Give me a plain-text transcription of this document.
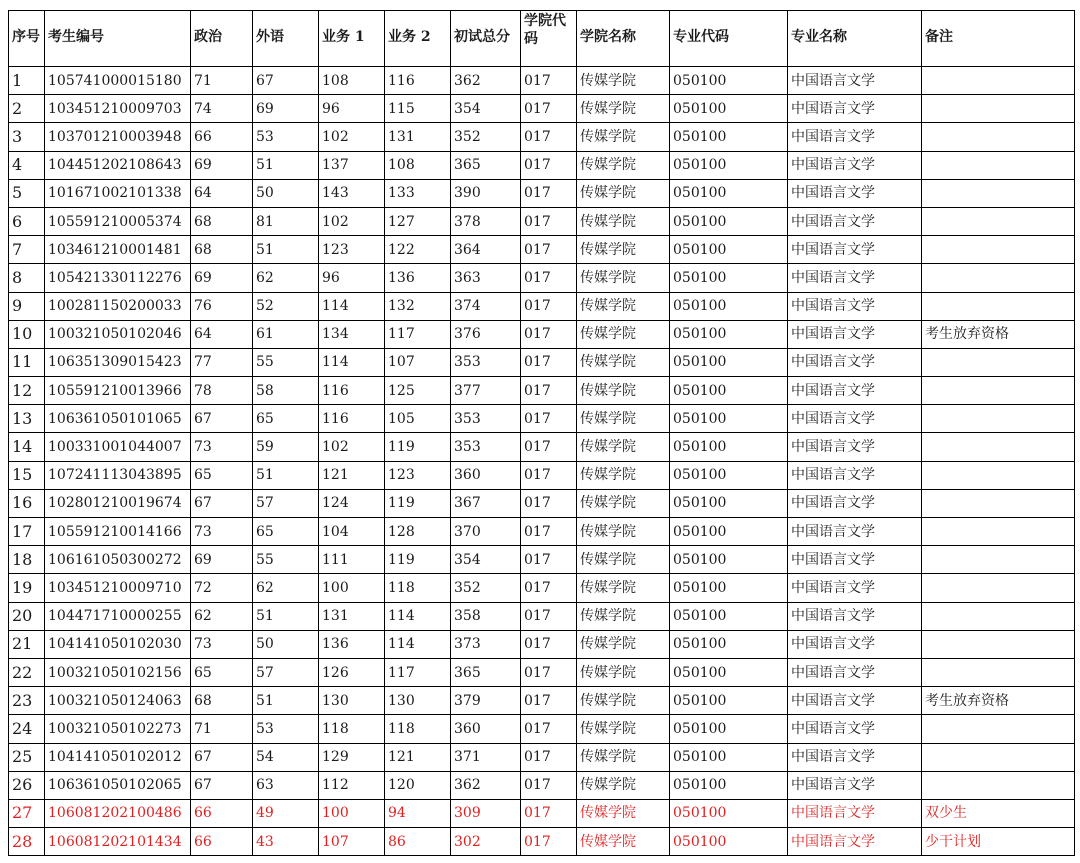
序号	考生编号	政治	外语	业务 1	业务 2	初试总分	学院代码	学院名称	专业代码	专业名称	备注
1	105741000015180	71	67	108	116	362	017	传媒学院	050100	中国语言文学	
2	103451210009703	74	69	96	115	354	017	传媒学院	050100	中国语言文学	
3	103701210003948	66	53	102	131	352	017	传媒学院	050100	中国语言文学	
4	104451202108643	69	51	137	108	365	017	传媒学院	050100	中国语言文学	
5	101671002101338	64	50	143	133	390	017	传媒学院	050100	中国语言文学	
6	105591210005374	68	81	102	127	378	017	传媒学院	050100	中国语言文学	
7	103461210001481	68	51	123	122	364	017	传媒学院	050100	中国语言文学	
8	105421330112276	69	62	96	136	363	017	传媒学院	050100	中国语言文学	
9	100281150200033	76	52	114	132	374	017	传媒学院	050100	中国语言文学	
10	100321050102046	64	61	134	117	376	017	传媒学院	050100	中国语言文学	考生放弃资格
11	106351309015423	77	55	114	107	353	017	传媒学院	050100	中国语言文学	
12	105591210013966	78	58	116	125	377	017	传媒学院	050100	中国语言文学	
13	106361050101065	67	65	116	105	353	017	传媒学院	050100	中国语言文学	
14	100331001044007	73	59	102	119	353	017	传媒学院	050100	中国语言文学	
15	107241113043895	65	51	121	123	360	017	传媒学院	050100	中国语言文学	
16	102801210019674	67	57	124	119	367	017	传媒学院	050100	中国语言文学	
17	105591210014166	73	65	104	128	370	017	传媒学院	050100	中国语言文学	
18	106161050300272	69	55	111	119	354	017	传媒学院	050100	中国语言文学	
19	103451210009710	72	62	100	118	352	017	传媒学院	050100	中国语言文学	
20	104471710000255	62	51	131	114	358	017	传媒学院	050100	中国语言文学	
21	104141050102030	73	50	136	114	373	017	传媒学院	050100	中国语言文学	
22	100321050102156	65	57	126	117	365	017	传媒学院	050100	中国语言文学	
23	100321050124063	68	51	130	130	379	017	传媒学院	050100	中国语言文学	考生放弃资格
24	100321050102273	71	53	118	118	360	017	传媒学院	050100	中国语言文学	
25	104141050102012	67	54	129	121	371	017	传媒学院	050100	中国语言文学	
26	106361050102065	67	63	112	120	362	017	传媒学院	050100	中国语言文学	
27	106081202100486	66	49	100	94	309	017	传媒学院	050100	中国语言文学	双少生
28	106081202101434	66	43	107	86	302	017	传媒学院	050100	中国语言文学	少干计划
